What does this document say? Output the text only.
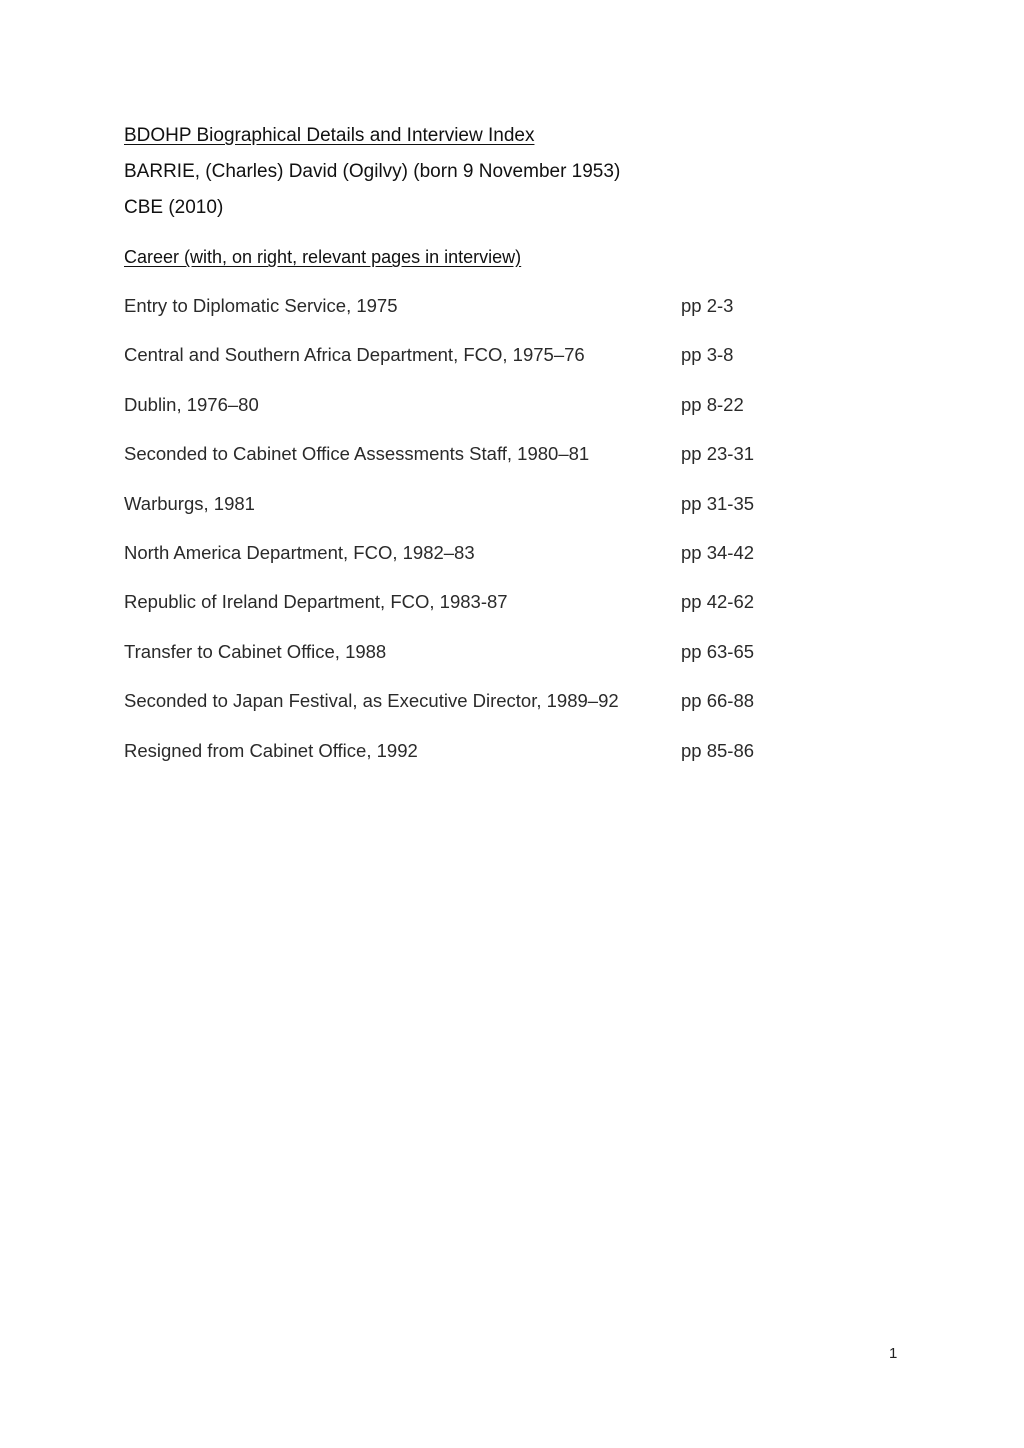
BDOHP Biographical Details and Interview Index
BARRIE, (Charles) David (Ogilvy) (born 9 November 1953)
CBE (2010)
Career (with, on right, relevant pages in interview)
Entry to Diplomatic Service, 1975	pp 2-3
Central and Southern Africa Department, FCO, 1975–76	pp 3-8
Dublin, 1976–80	pp 8-22
Seconded to Cabinet Office Assessments Staff, 1980–81	pp 23-31
Warburgs, 1981	pp 31-35
North America Department, FCO, 1982–83	pp 34-42
Republic of Ireland Department, FCO, 1983-87	pp 42-62
Transfer to Cabinet Office, 1988	pp 63-65
Seconded to Japan Festival, as Executive Director, 1989–92	pp 66-88
Resigned from Cabinet Office, 1992	pp 85-86
1
